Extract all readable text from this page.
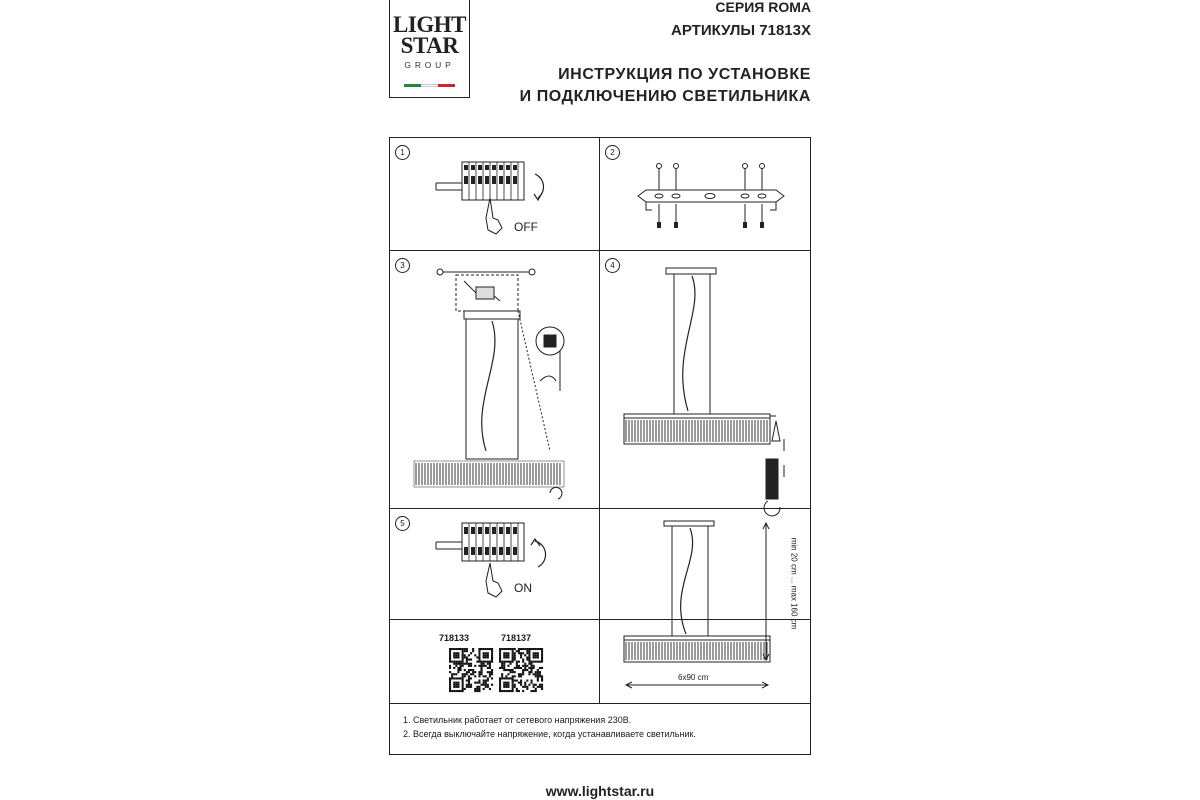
LIGHT
STAR
GROUP
СЕРИЯ ROMA
АРТИКУЛЫ 71813X
ИНСТРУКЦИЯ ПО УСТАНОВКЕ
И ПОДКЛЮЧЕНИЮ СВЕТИЛЬНИКА
1
OFF
2
3	4
5
ON	min 20 cm ... max 160 cm
6x90 cm
718133	718137
1. Светильник работает от сетевого напряжения 230В.
2. Всегда выключайте напряжение, когда устанавливаете светильник.
www.lightstar.ru
